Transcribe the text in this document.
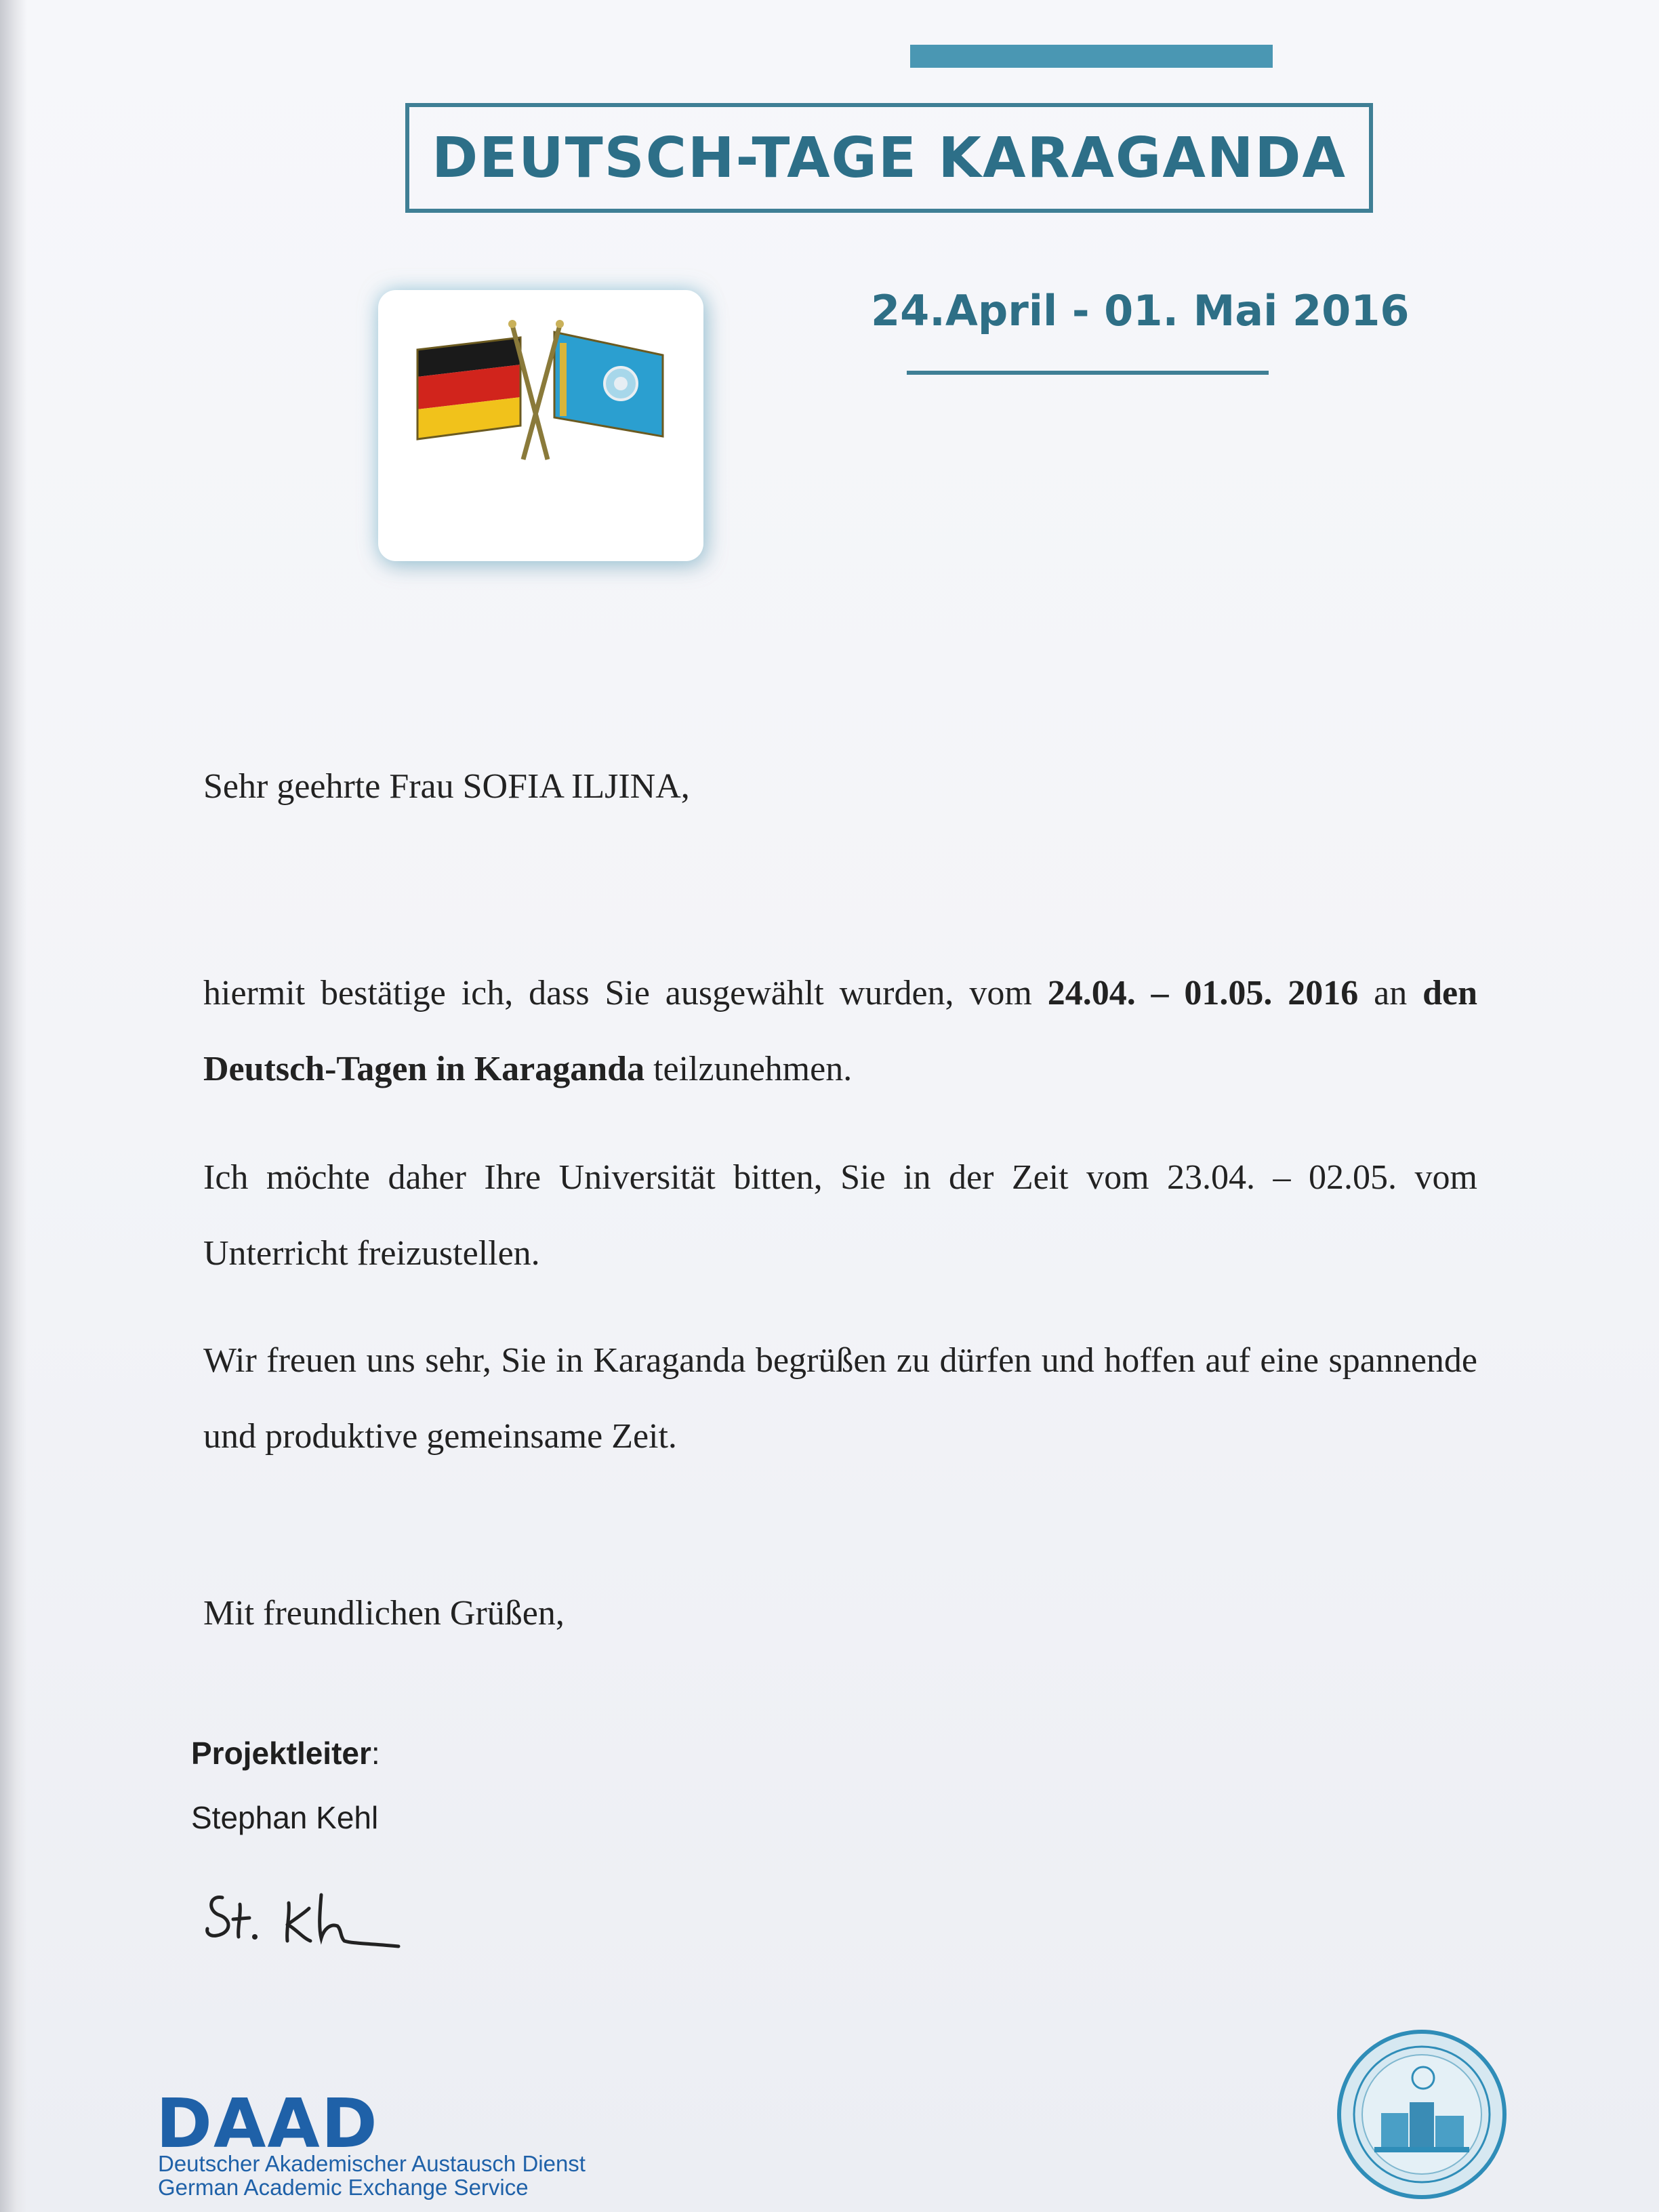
DEUTSCH-TAGE KARAGANDA
24.April - 01. Mai 2016
Sehr geehrte Frau SOFIA ILJINA,
hiermit bestätige ich, dass Sie ausgewählt wurden, vom 24.04. – 01.05. 2016 an den Deutsch-Tagen in Karaganda teilzunehmen.
Ich möchte daher Ihre Universität bitten, Sie in der Zeit vom 23.04. – 02.05. vom Unterricht freizustellen.
Wir freuen uns sehr, Sie in Karaganda begrüßen zu dürfen und hoffen auf eine spannende und produktive gemeinsame Zeit.
Mit freundlichen Grüßen,
Projektleiter:
Stephan Kehl
DAAD
Deutscher Akademischer Austausch Dienst
German Academic Exchange Service
